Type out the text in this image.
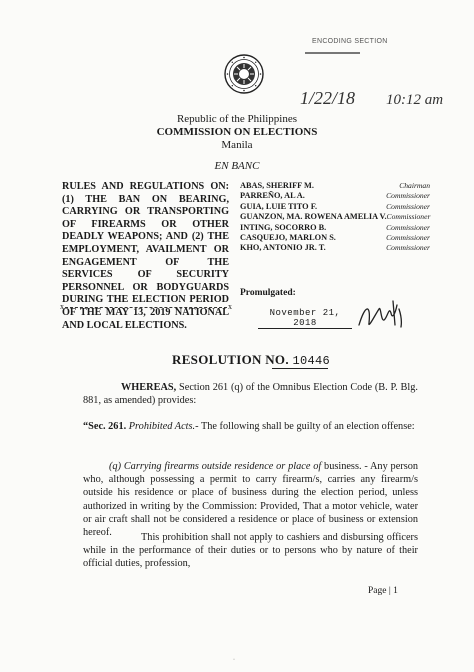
ENCODING SECTION
1/22/18 10:12 am
Republic of the Philippines
COMMISSION ON ELECTIONS
Manila
EN BANC
RULES AND REGULATIONS ON: (1) THE BAN ON BEARING, CARRYING OR TRANSPORTING OF FIREARMS OR OTHER DEADLY WEAPONS; AND (2) THE EMPLOYMENT, AVAILMENT OR ENGAGEMENT OF THE SERVICES OF SECURITY PERSONNEL OR BODYGUARDS DURING THE ELECTION PERIOD OF THE MAY 13, 2019 NATIONAL AND LOCAL ELECTIONS.
x	x
ABAS, SHERIFF M.	Chairman
PARREÑO, AL A.	Commissioner
GUIA, LUIE TITO F.	Commissioner
GUANZON, MA. ROWENA AMELIA V. Commissioner
INTING, SOCORRO B.	Commissioner
CASQUEJO, MARLON S.	Commissioner
KHO, ANTONIO JR. T.	Commissioner
Promulgated:
November 21, 2018
RESOLUTION NO. 10446
WHEREAS, Section 261 (q) of the Omnibus Election Code (B. P. Blg. 881, as amended) provides:
“Sec. 261. Prohibited Acts.- The following shall be guilty of an election offense:
(q) Carrying firearms outside residence or place of business. - Any person who, although possessing a permit to carry firearm/s, carries any firearm/s outside his residence or place of business during the election period, unless authorized in writing by the Commission: Provided, That a motor vehicle, water or air craft shall not be considered a residence or place of business or extension hereof.	This prohibition shall not apply to cashiers and disbursing officers while in the performance of their duties or to persons who by nature of their official duties, profession,
Page | 1
·
